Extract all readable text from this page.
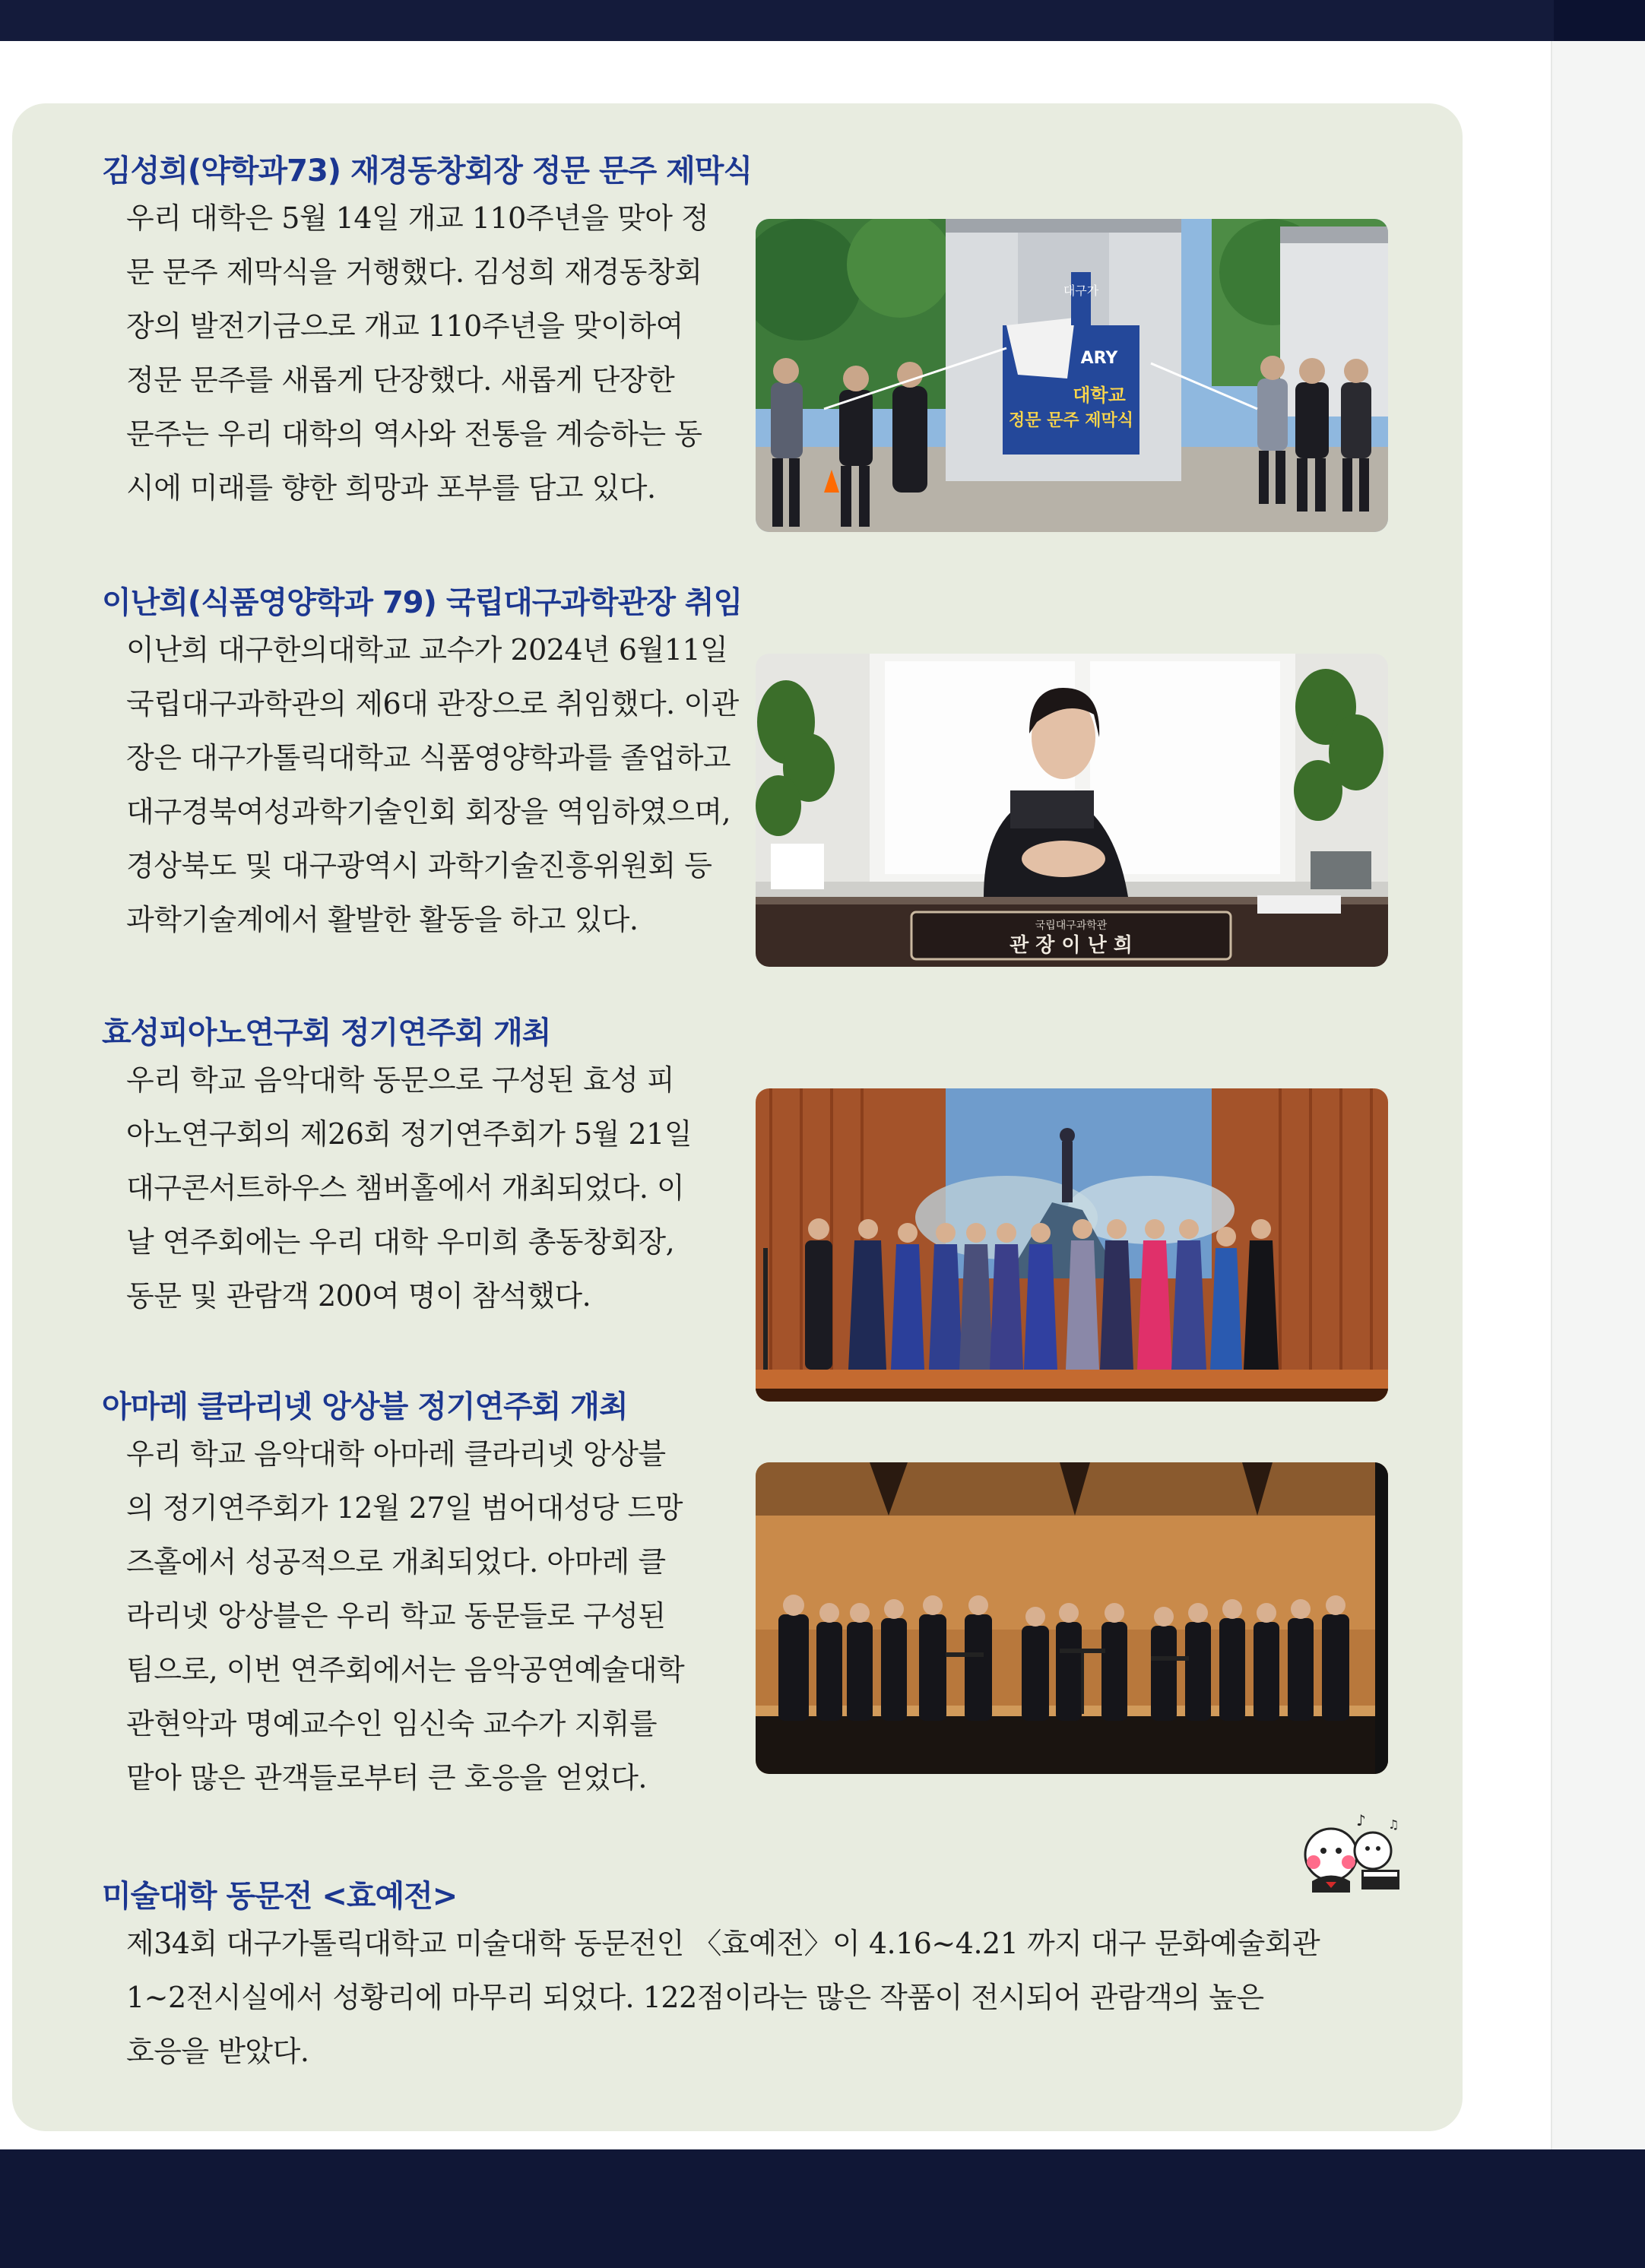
김성희(약학과73) 재경동창회장 정문 문주 제막식

우리 대학은 5월 14일 개교 110주년을 맞아 정
문 문주 제막식을 거행했다. 김성희 재경동창회
장의 발전기금으로 개교 110주년을 맞이하여
정문 문주를 새롭게 단장했다. 새롭게 단장한
문주는 우리 대학의 역사와 전통을 계승하는 동
시에 미래를 향한 희망과 포부를 담고 있다.

대구가
ARY
대학교
정문 문주 제막식
이난희(식품영양학과 79) 국립대구과학관장 취임

이난희 대구한의대학교 교수가 2024년 6월11일
국립대구과학관의 제6대 관장으로 취임했다. 이관
장은 대구가톨릭대학교 식품영양학과를 졸업하고
대구경북여성과학기술인회 회장을 역임하였으며,
경상북도 및 대구광역시 과학기술진흥위원회 등
과학기술계에서 활발한 활동을 하고 있다.	국립대구과학관
관 장 이 난 희
효성피아노연구회 정기연주회 개최

우리 학교 음악대학 동문으로 구성된 효성 피
아노연구회의 제26회 정기연주회가 5월 21일
대구콘서트하우스 챔버홀에서 개최되었다. 이
날 연주회에는 우리 대학 우미희 총동창회장,
동문 및 관람객 200여 명이 참석했다.

아마레 클라리넷 앙상블 정기연주회 개최

우리 학교 음악대학 아마레 클라리넷 앙상블
의 정기연주회가 12월 27일 범어대성당 드망
즈홀에서 성공적으로 개최되었다. 아마레 클
라리넷 앙상블은 우리 학교 동문들로 구성된
팀으로, 이번 연주회에서는 음악공연예술대학
관현악과 명예교수인 임신숙 교수가 지휘를
맡아 많은 관객들로부터 큰 호응을 얻었다.

미술대학 동문전 <효예전>

제34회 대구가톨릭대학교 미술대학 동문전인 〈효예전〉이 4.16~4.21 까지 대구 문화예술회관
1~2전시실에서 성황리에 마무리 되었다. 122점이라는 많은 작품이 전시되어 관람객의 높은
호응을 받았다.

♪ ♫
